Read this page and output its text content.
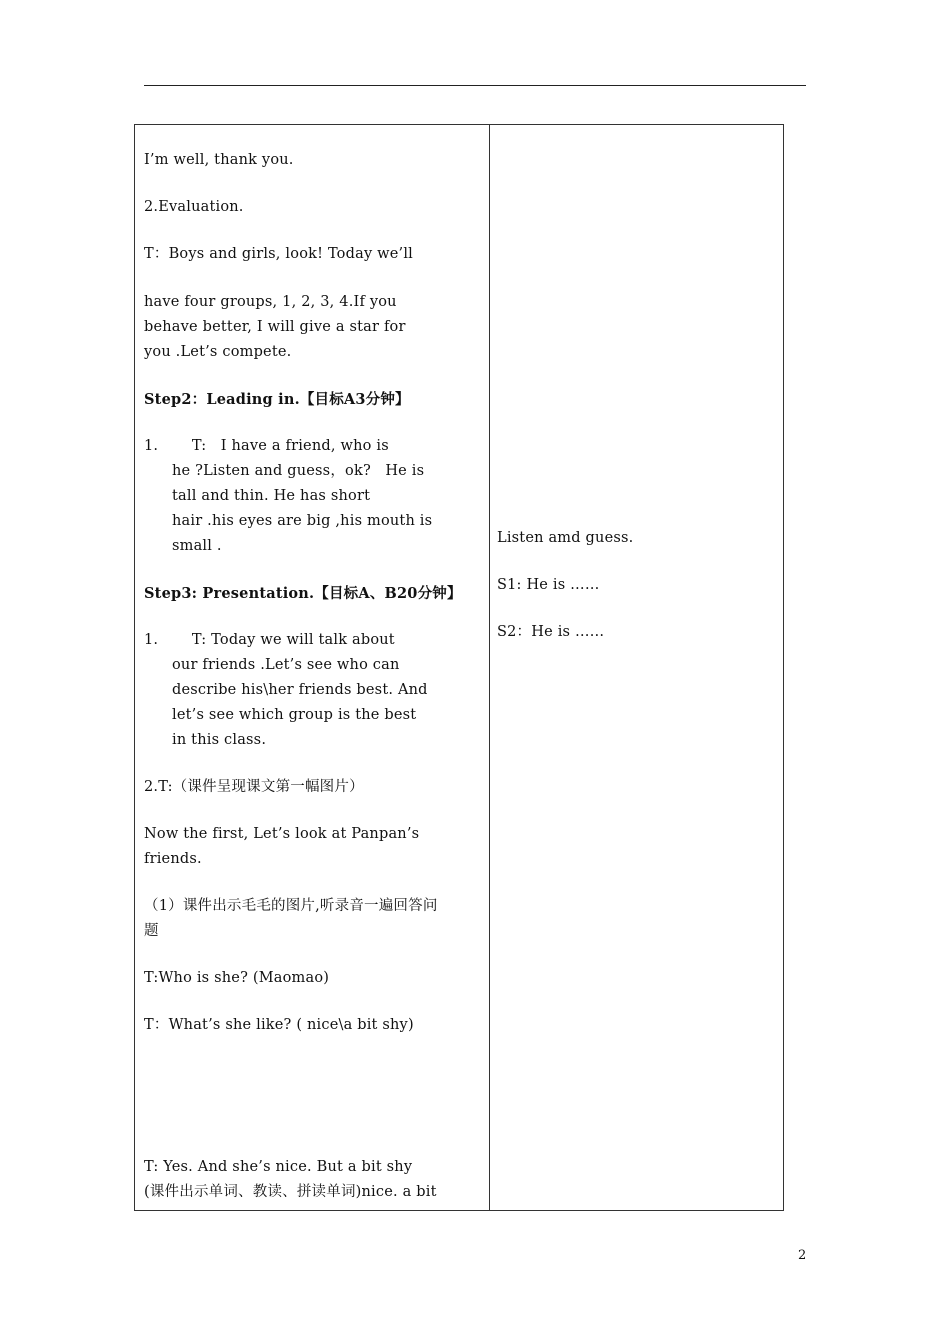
I’m well, thank you.
2.Evaluation.
T：Boys and girls, look! Today we’ll
have four groups, 1, 2, 3, 4.If you
behave better, I will give a star for
you .Let’s compete.
Step2：Leading in.【目标A3分钟】
1.       T:   I have a friend, who is
he ?Listen and guess，ok?   He is
tall and thin. He has short
hair .his eyes are big ,his mouth is
small .
Step3: Presentation.【目标A、B20分钟】
1.       T: Today we will talk about
our friends .Let’s see who can
describe his\her friends best. And
let’s see which group is the best
in this class.
2.T:（课件呈现课文第一幅图片）
Now the first, Let’s look at Panpan’s
friends.
（1）课件出示毛毛的图片,听录音一遍回答问
题
T:Who is she? (Maomao)
T：What’s she like? ( nice\a bit shy)
T: Yes. And she’s nice. But a bit shy
(课件出示单词、教读、拼读单词)nice. a bit
Listen amd guess.
S1: He is ……
S2：He is ……
2
